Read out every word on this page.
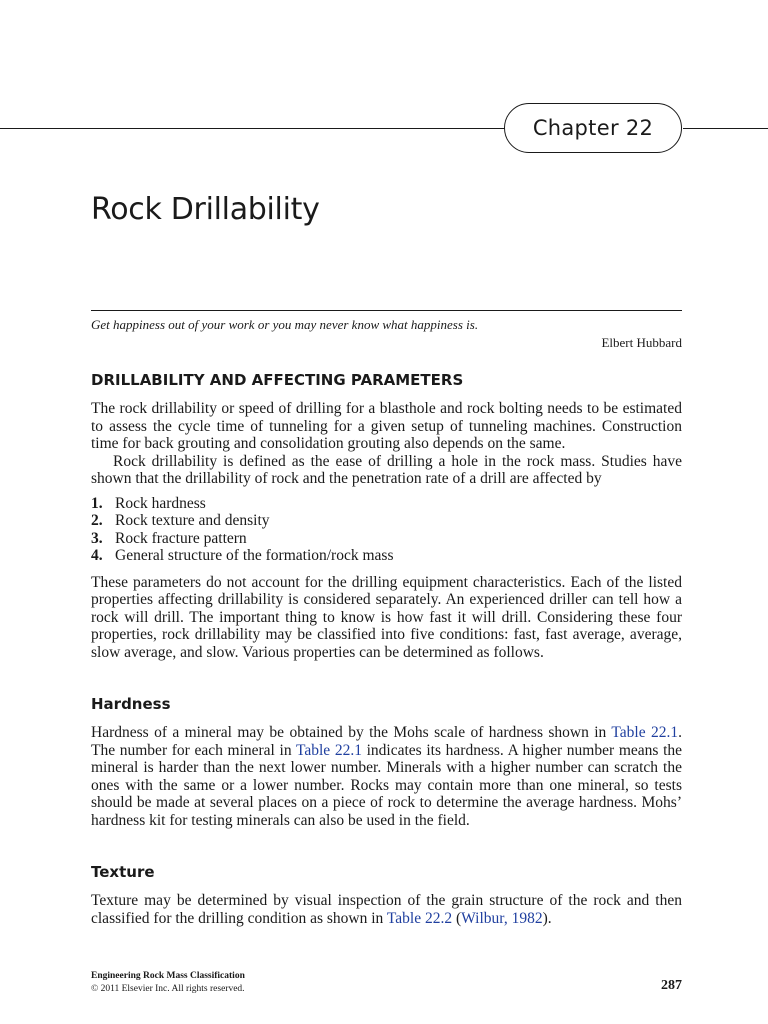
Chapter 22
Rock Drillability

Get happiness out of your work or you may never know what happiness is.

Elbert Hubbard

DRILLABILITY AND AFFECTING PARAMETERS

The rock drillability or speed of drilling for a blasthole and rock bolting needs to be estimated to assess the cycle time of tunneling for a given setup of tunneling machines. Construction time for back grouting and consolidation grouting also depends on the same.

Rock drillability is defined as the ease of drilling a hole in the rock mass. Studies have shown that the drillability of rock and the penetration rate of a drill are affected by

1. Rock hardness
2. Rock texture and density
3. Rock fracture pattern
4. General structure of the formation/rock mass

These parameters do not account for the drilling equipment characteristics. Each of the listed properties affecting drillability is considered separately. An experienced driller can tell how a rock will drill. The important thing to know is how fast it will drill. Considering these four properties, rock drillability may be classified into five conditions: fast, fast average, average, slow average, and slow. Various properties can be determined as follows.

Hardness

Hardness of a mineral may be obtained by the Mohs scale of hardness shown in Table 22.1. The number for each mineral in Table 22.1 indicates its hardness. A higher number means the mineral is harder than the next lower number. Minerals with a higher number can scratch the ones with the same or a lower number. Rocks may contain more than one mineral, so tests should be made at several places on a piece of rock to determine the average hardness. Mohs’ hardness kit for testing minerals can also be used in the field.

Texture

Texture may be determined by visual inspection of the grain structure of the rock and then classified for the drilling condition as shown in Table 22.2 (Wilbur, 1982).

Engineering Rock Mass Classification
© 2011 Elsevier Inc. All rights reserved.	287
